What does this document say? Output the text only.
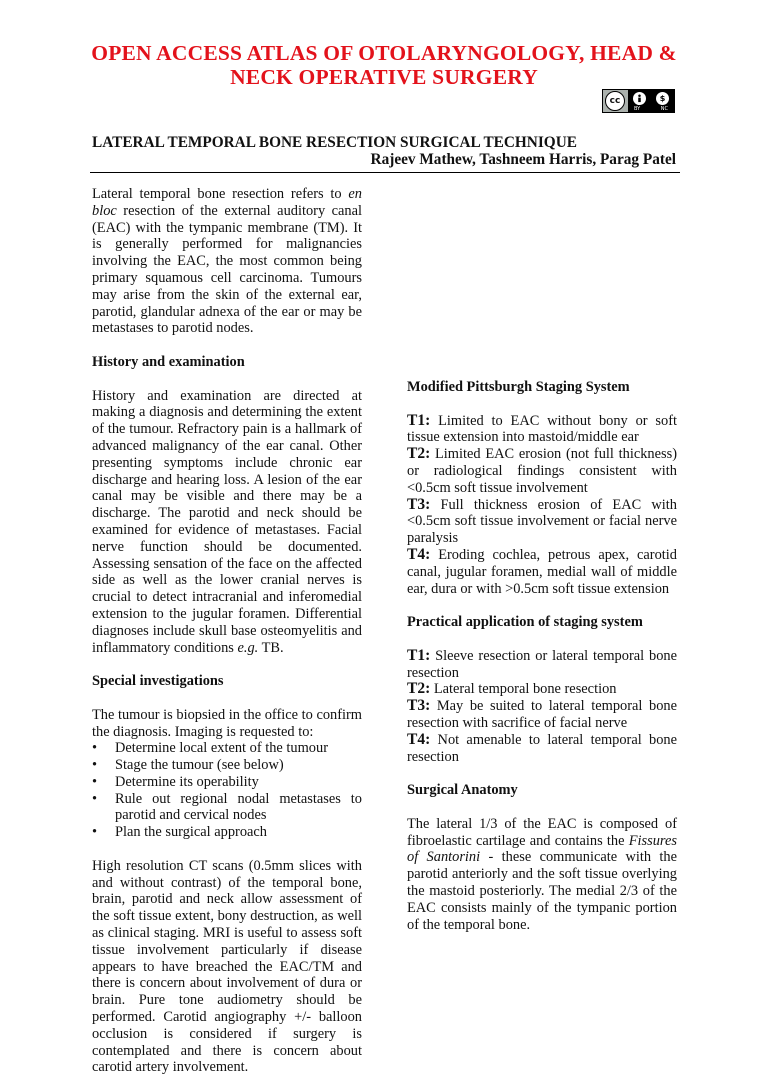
OPEN ACCESS ATLAS OF OTOLARYNGOLOGY, HEAD &
NECK OPERATIVE SURGERY
cc	$
BY	NC
LATERAL TEMPORAL BONE RESECTION SURGICAL TECHNIQUE
Rajeev Mathew, Tashneem Harris, Parag Patel

Lateral temporal bone resection refers to en bloc resection of the external auditory canal (EAC) with the tympanic membrane (TM). It is generally performed for malignancies involving the EAC, the most common being primary squamous cell carcinoma. Tumours may arise from the skin of the external ear, parotid, glandular adnexa of the ear or may be metastases to parotid nodes.

History and examination

History and examination are directed at making a diagnosis and determining the extent of the tumour. Refractory pain is a hallmark of advanced malignancy of the ear canal. Other presenting symptoms include chronic ear discharge and hearing loss. A lesion of the ear canal may be visible and there may be a discharge. The parotid and neck should be examined for evidence of metastases. Facial nerve function should be documented. Assessing sensation of the face on the affected side as well as the lower cranial nerves is crucial to detect intracranial and inferomedial extension to the jugular foramen. Differential diagnoses include skull base osteomyelitis and inflammatory conditions e.g. TB.

Special investigations

The tumour is biopsied in the office to confirm the diagnosis. Imaging is requested to:

• Determine local extent of the tumour
• Stage the tumour (see below)
• Determine its operability
• Rule out regional nodal metastases to parotid and cervical nodes
• Plan the surgical approach

High resolution CT scans (0.5mm slices with and without contrast) of the temporal bone, brain, parotid and neck allow assessment of the soft tissue extent, bony destruction, as well as clinical staging. MRI is useful to assess soft tissue involvement particularly if disease appears to have breached the EAC/TM and there is concern about involvement of dura or brain. Pure tone audiometry should be performed. Carotid angiography +/- balloon occlusion is considered if surgery is contemplated and there is concern about carotid artery involvement.

Modified Pittsburgh Staging System

T1: Limited to EAC without bony or soft tissue extension into mastoid/middle ear

T2: Limited EAC erosion (not full thickness) or radiological findings consistent with <0.5cm soft tissue involvement

T3: Full thickness erosion of EAC with <0.5cm soft tissue involvement or facial nerve paralysis

T4: Eroding cochlea, petrous apex, carotid canal, jugular foramen, medial wall of middle ear, dura or with >0.5cm soft tissue extension

Practical application of staging system

T1: Sleeve resection or lateral temporal bone resection

T2: Lateral temporal bone resection

T3: May be suited to lateral temporal bone resection with sacrifice of facial nerve

T4: Not amenable to lateral temporal bone resection

Surgical Anatomy

The lateral 1/3 of the EAC is composed of fibroelastic cartilage and contains the Fissures of Santorini - these communicate with the parotid anteriorly and the soft tissue overlying the mastoid posteriorly. The medial 2/3 of the EAC consists mainly of the tympanic portion of the temporal bone.
